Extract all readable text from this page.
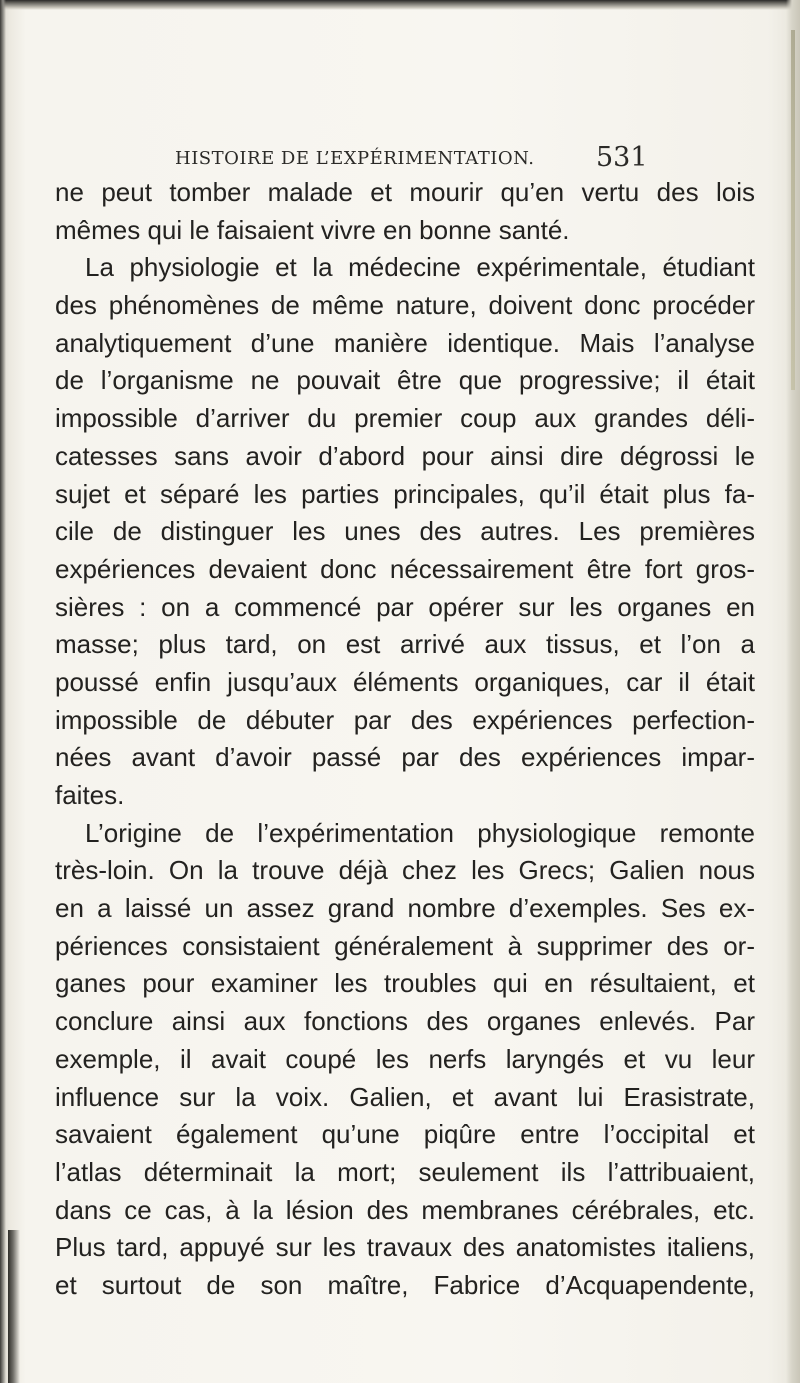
HISTOIRE DE L’EXPÉRIMENTATION. 531
ne peut tomber malade et mourir qu’en vertu des lois
mêmes qui le faisaient vivre en bonne santé.
La physiologie et la médecine expérimentale, étudiant
des phénomènes de même nature, doivent donc procéder
analytiquement d’une manière identique. Mais l’analyse
de l’organisme ne pouvait être que progressive; il était
impossible d’arriver du premier coup aux grandes déli-
catesses sans avoir d’abord pour ainsi dire dégrossi le
sujet et séparé les parties principales, qu’il était plus fa-
cile de distinguer les unes des autres. Les premières
expériences devaient donc nécessairement être fort gros-
sières : on a commencé par opérer sur les organes en
masse; plus tard, on est arrivé aux tissus, et l’on a
poussé enfin jusqu’aux éléments organiques, car il était
impossible de débuter par des expériences perfection-
nées avant d’avoir passé par des expériences impar-
faites.
L’origine de l’expérimentation physiologique remonte
très-loin. On la trouve déjà chez les Grecs; Galien nous
en a laissé un assez grand nombre d’exemples. Ses ex-
périences consistaient généralement à supprimer des or-
ganes pour examiner les troubles qui en résultaient, et
conclure ainsi aux fonctions des organes enlevés. Par
exemple, il avait coupé les nerfs laryngés et vu leur
influence sur la voix. Galien, et avant lui Erasistrate,
savaient également qu’une piqûre entre l’occipital et
l’atlas déterminait la mort; seulement ils l’attribuaient,
dans ce cas, à la lésion des membranes cérébrales, etc.
Plus tard, appuyé sur les travaux des anatomistes italiens,
et surtout de son maître, Fabrice d’Acquapendente,
